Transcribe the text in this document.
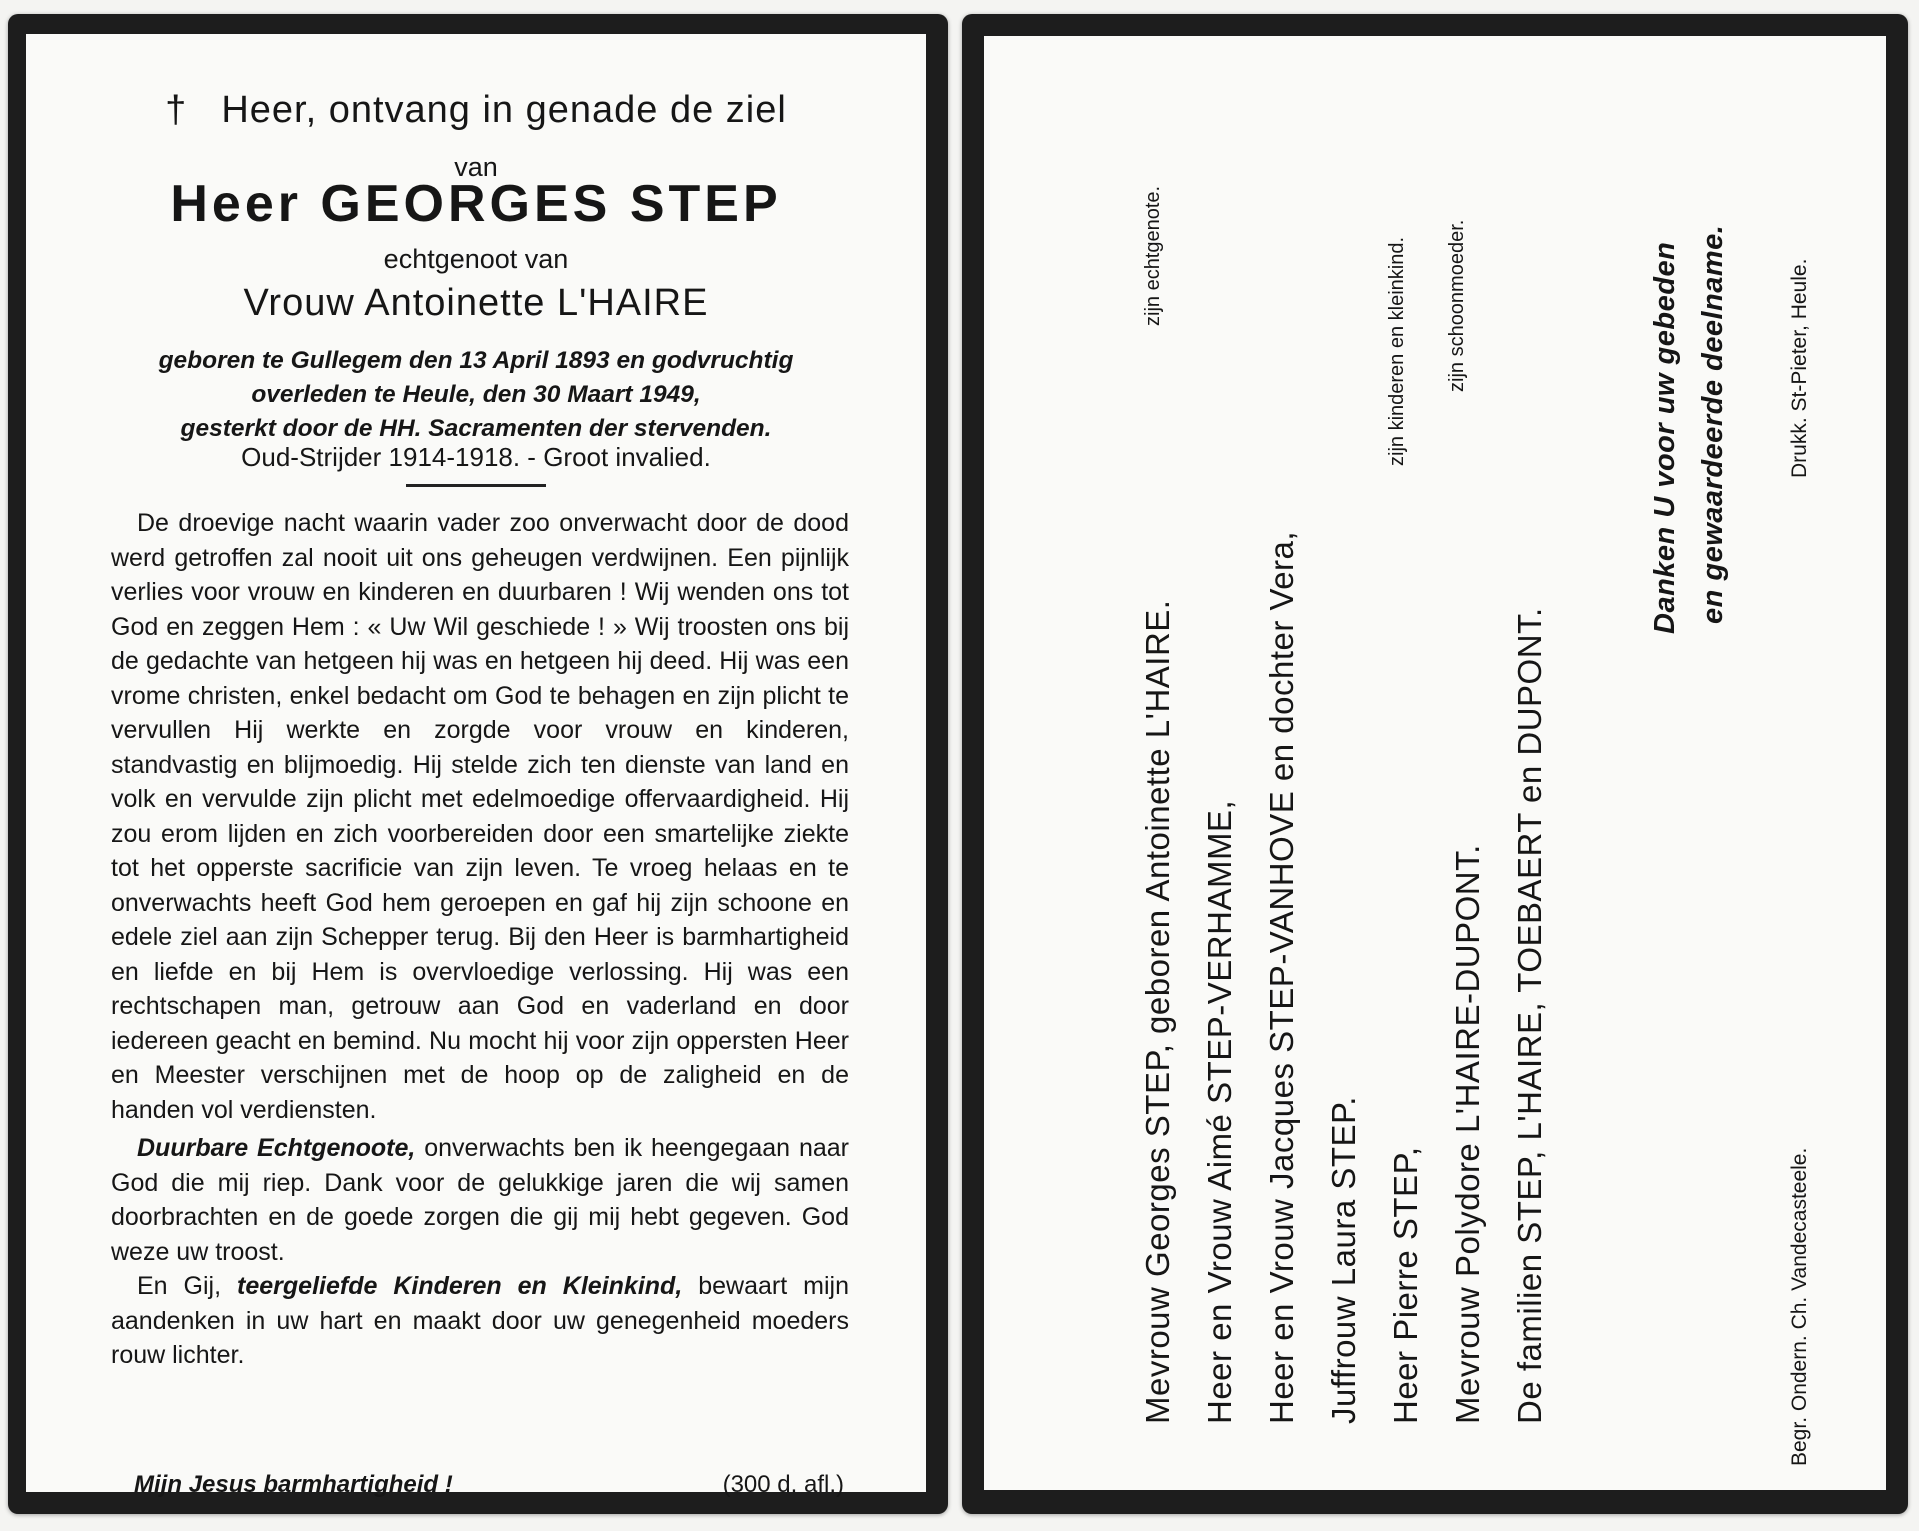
† Heer, ontvang in genade de ziel
van
Heer GEORGES STEP
echtgenoot van
Vrouw Antoinette L'HAIRE
geboren te Gullegem den 13 April 1893 en godvruchtig
overleden te Heule, den 30 Maart 1949,
gesterkt door de HH. Sacramenten der stervenden.
Oud-Strijder 1914-1918. - Groot invalied.

De droevige nacht waarin vader zoo onverwacht door de dood werd getroffen zal nooit uit ons geheugen verdwijnen. Een pijnlijk verlies voor vrouw en kinderen en duurbaren ! Wij wenden ons tot God en zeggen Hem : « Uw Wil geschiede ! » Wij troosten ons bij de gedachte van hetgeen hij was en hetgeen hij deed. Hij was een vrome christen, enkel bedacht om God te behagen en zijn plicht te vervullen Hij werkte en zorgde voor vrouw en kinderen, standvastig en blijmoedig. Hij stelde zich ten dienste van land en volk en vervulde zijn plicht met edelmoedige offervaardigheid. Hij zou erom lijden en zich voorbereiden door een smartelijke ziekte tot het opperste sacrificie van zijn leven. Te vroeg helaas en te onverwachts heeft God hem geroepen en gaf hij zijn schoone en edele ziel aan zijn Schepper terug. Bij den Heer is barmhartigheid en liefde en bij Hem is overvloedige verlossing. Hij was een rechtschapen man, getrouw aan God en vaderland en door iedereen geacht en bemind. Nu mocht hij voor zijn oppersten Heer en Meester verschijnen met de hoop op de zaligheid en de handen vol verdiensten.

Duurbare Echtgenoote, onverwachts ben ik heengegaan naar God die mij riep. Dank voor de gelukkige jaren die wij samen doorbrachten en de goede zorgen die gij mij hebt gegeven. God weze uw troost.

En Gij, teergeliefde Kinderen en Kleinkind, bewaart mijn aandenken in uw hart en maakt door uw genegenheid moeders rouw lichter.

Mijn Jesus barmhartigheid !	(300 d. afl.)
Mevrouw Georges STEP, geboren Antoinette L'HAIRE. Heer en Vrouw Aimé STEP-VERHAMME, Heer en Vrouw Jacques STEP-VANHOVE en dochter Vera, Juffrouw Laura STEP. Heer Pierre STEP, Mevrouw Polydore L'HAIRE-DUPONT. De familien STEP, L'HAIRE, TOEBAERT en DUPONT.
zijn echtgenote.	zijn kinderen en kleinkind. zijn schoonmoeder.	Danken U voor uw gebeden en gewaardeerde deelname.
Begr. Ondern. Ch. Vandecasteele.
Drukk. St-Pieter, Heule.
